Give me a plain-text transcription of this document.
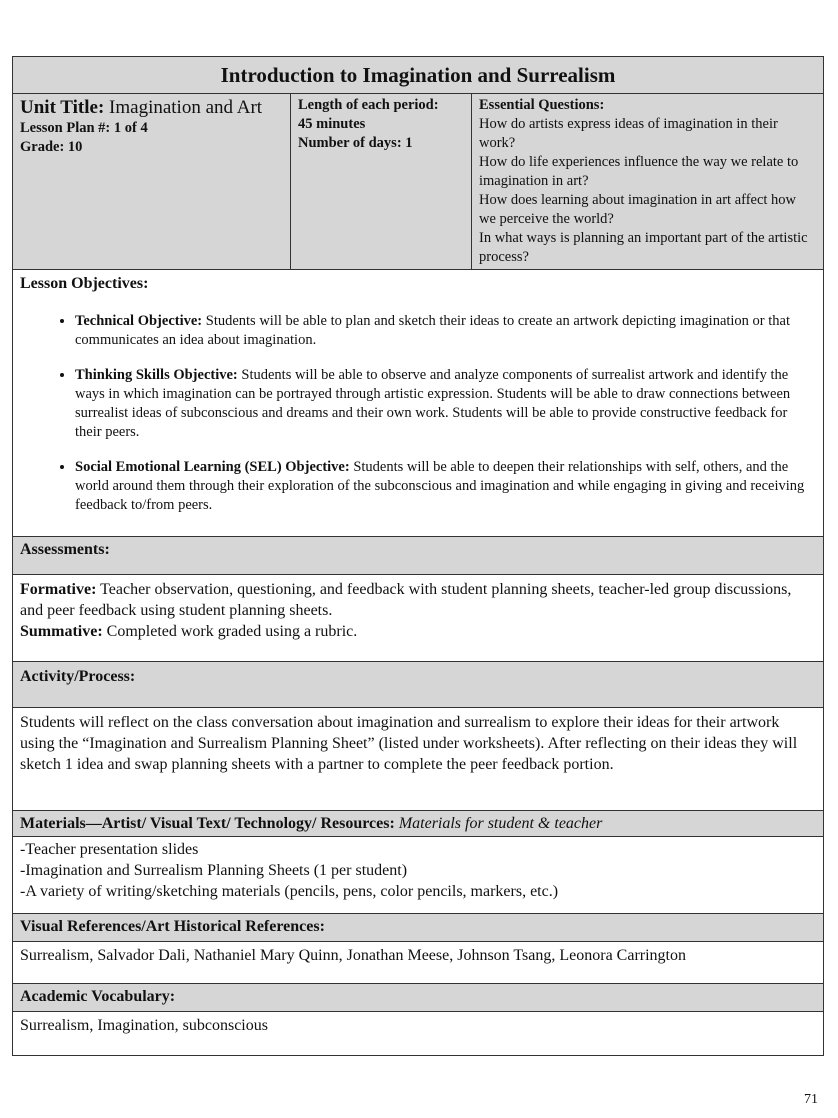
Introduction to Imagination and Surrealism

Unit Title: Imagination and Art
Lesson Plan #: 1 of 4
Grade: 10

Length of each period:
45 minutes
Number of days: 1

Essential Questions:
How do artists express ideas of imagination in their work?
How do life experiences influence the way we relate to imagination in art?
How does learning about imagination in art affect how we perceive the world?
In what ways is planning an important part of the artistic process?

Lesson Objectives:
• Technical Objective: Students will be able to plan and sketch their ideas to create an artwork depicting imagination or that communicates an idea about imagination.
• Thinking Skills Objective: Students will be able to observe and analyze components of surrealist artwork and identify the ways in which imagination can be portrayed through artistic expression. Students will be able to draw connections between surrealist ideas of subconscious and dreams and their own work. Students will be able to provide constructive feedback for their peers.
• Social Emotional Learning (SEL) Objective: Students will be able to deepen their relationships with self, others, and the world around them through their exploration of the subconscious and imagination and while engaging in giving and receiving feedback to/from peers.

Assessments:

Formative: Teacher observation, questioning, and feedback with student planning sheets, teacher-led group discussions, and peer feedback using student planning sheets.
Summative: Completed work graded using a rubric.

Activity/Process:
Students will reflect on the class conversation about imagination and surrealism to explore their ideas for their artwork using the “Imagination and Surrealism Planning Sheet” (listed under worksheets). After reflecting on their ideas they will sketch 1 idea and swap planning sheets with a partner to complete the peer feedback portion.
Materials—Artist/ Visual Text/ Technology/ Resources: Materials for student & teacher

-Teacher presentation slides
-Imagination and Surrealism Planning Sheets (1 per student)
-A variety of writing/sketching materials (pencils, pens, color pencils, markers, etc.)

Visual References/Art Historical References:
Surrealism, Salvador Dali, Nathaniel Mary Quinn, Jonathan Meese, Johnson Tsang, Leonora Carrington
Academic Vocabulary:
Surrealism, Imagination, subconscious
71
